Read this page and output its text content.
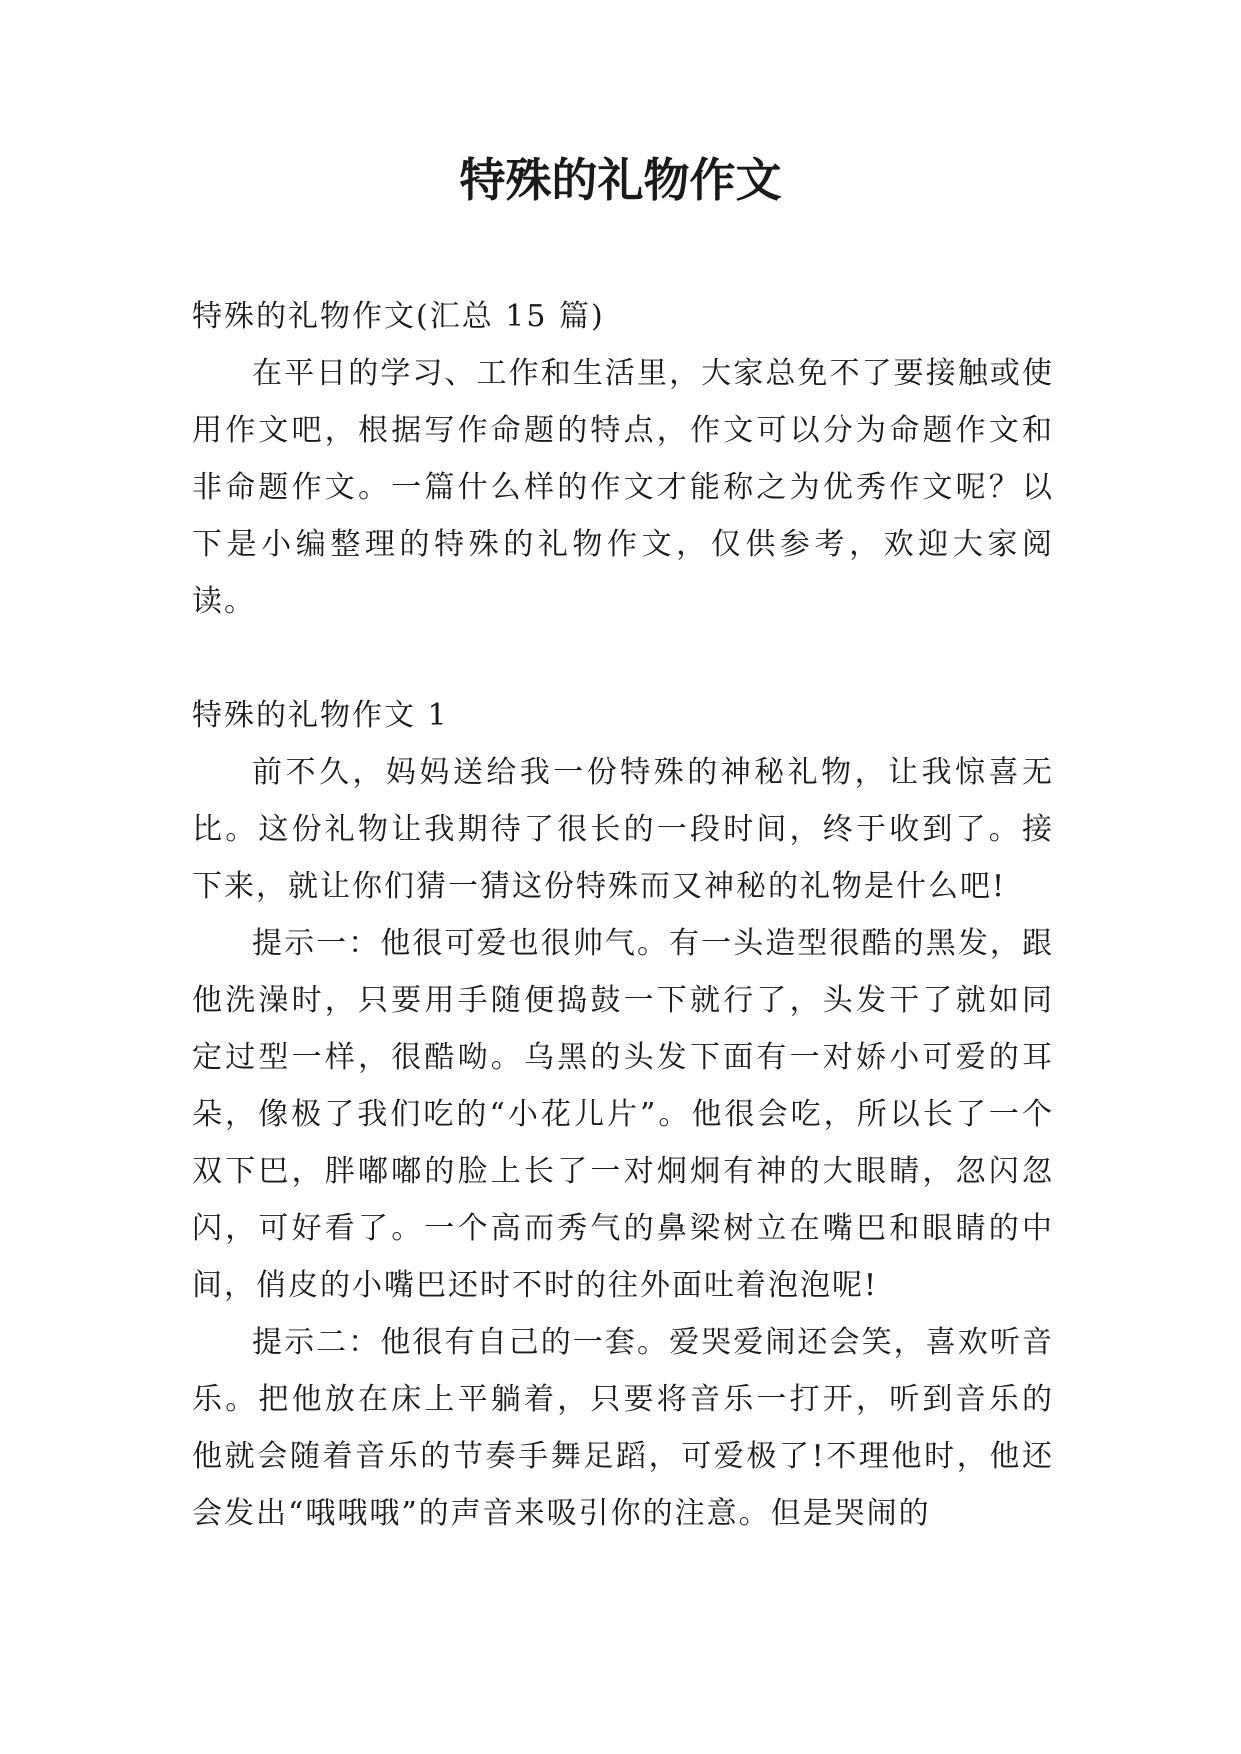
特殊的礼物作文

特殊的礼物作文(汇总 15 篇)

在平日的学习、工作和生活里，大家总免不了要接触或使用作文吧，根据写作命题的特点，作文可以分为命题作文和非命题作文。一篇什么样的作文才能称之为优秀作文呢？以下是小编整理的特殊的礼物作文，仅供参考，欢迎大家阅读。

特殊的礼物作文 1

前不久，妈妈送给我一份特殊的神秘礼物，让我惊喜无比。这份礼物让我期待了很长的一段时间，终于收到了。接下来，就让你们猜一猜这份特殊而又神秘的礼物是什么吧!

提示一：他很可爱也很帅气。有一头造型很酷的黑发，跟他洗澡时，只要用手随便捣鼓一下就行了，头发干了就如同定过型一样，很酷呦。乌黑的头发下面有一对娇小可爱的耳朵，像极了我们吃的“小花儿片”。他很会吃，所以长了一个双下巴，胖嘟嘟的脸上长了一对炯炯有神的大眼睛，忽闪忽闪，可好看了。一个高而秀气的鼻梁树立在嘴巴和眼睛的中间，俏皮的小嘴巴还时不时的往外面吐着泡泡呢!

提示二：他很有自己的一套。爱哭爱闹还会笑，喜欢听音乐。把他放在床上平躺着，只要将音乐一打开，听到音乐的他就会随着音乐的节奏手舞足蹈，可爱极了!不理他时，他还会发出“哦哦哦”的声音来吸引你的注意。但是哭闹的
